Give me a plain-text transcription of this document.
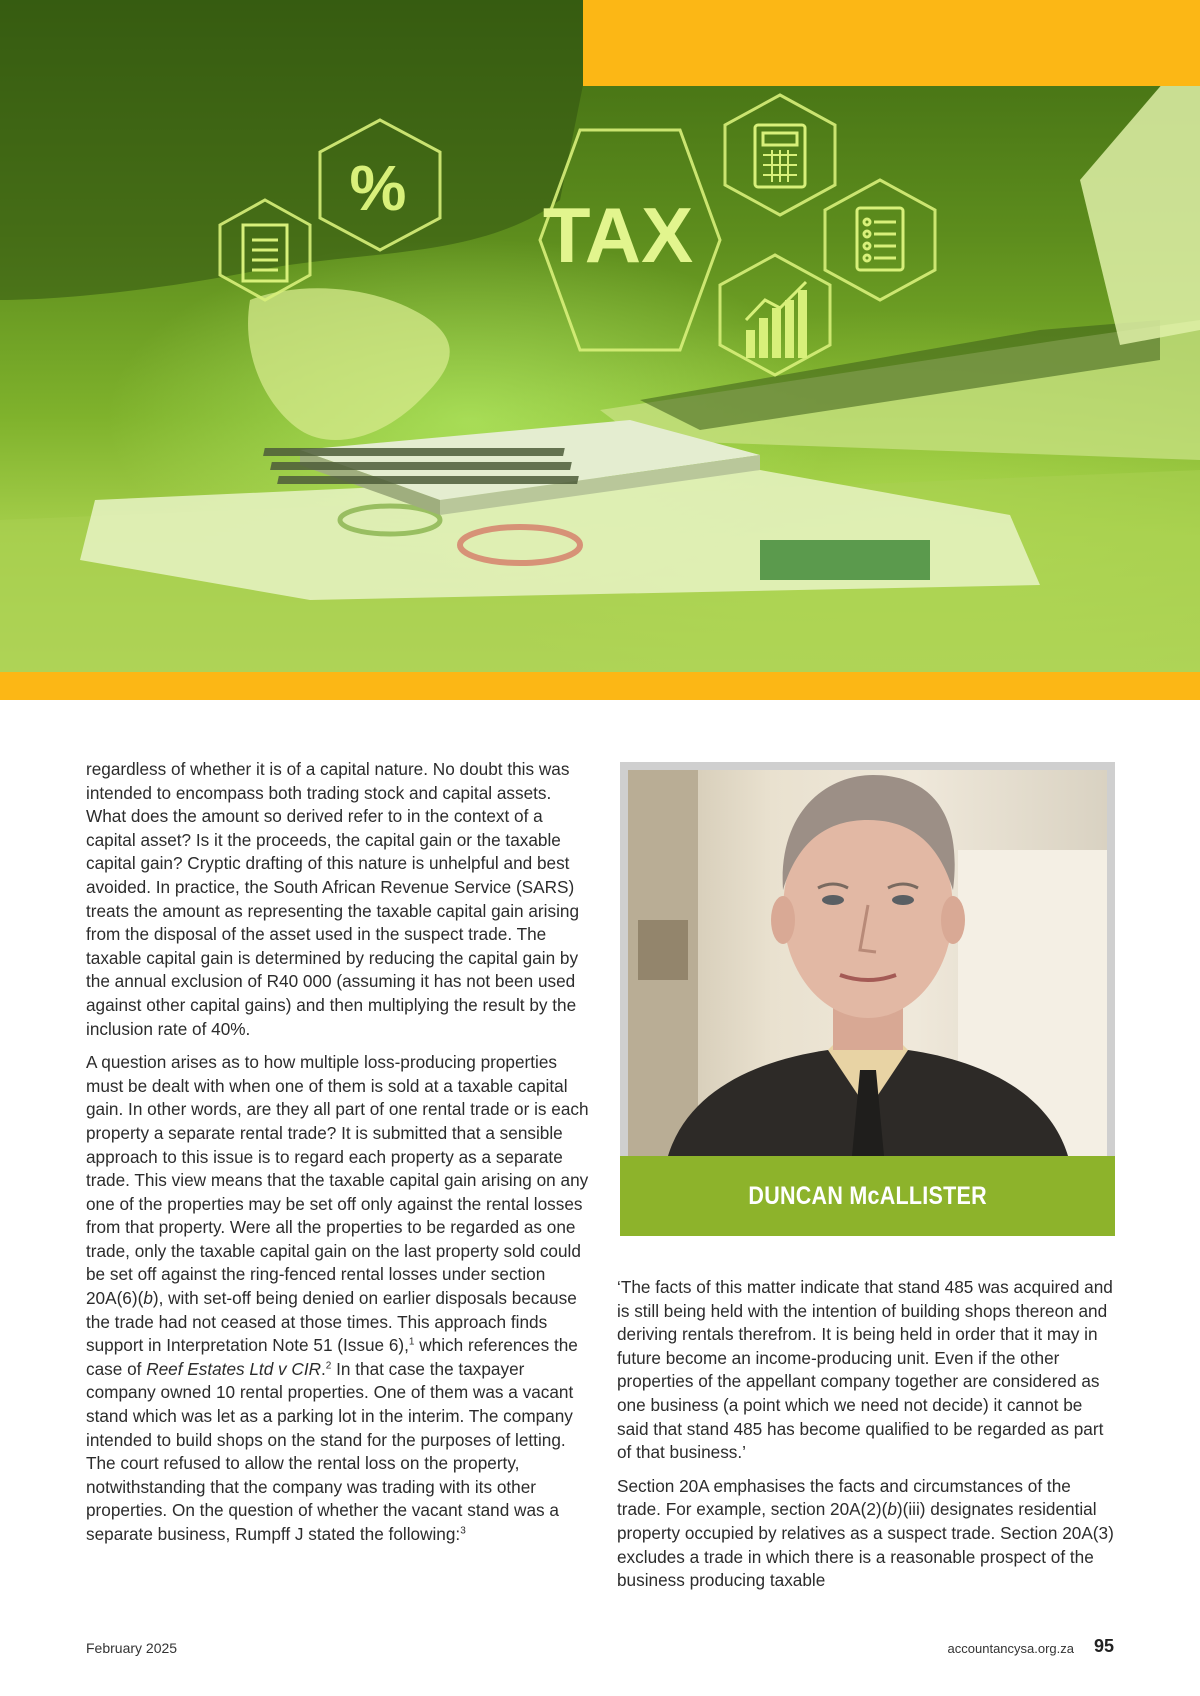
%
TAX

regardless of whether it is of a capital nature. No doubt this was intended to encompass both trading stock and capital assets. What does the amount so derived refer to in the context of a capital asset? Is it the proceeds, the capital gain or the taxable capital gain? Cryptic drafting of this nature is unhelpful and best avoided. In practice, the South African Revenue Service (SARS) treats the amount as representing the taxable capital gain arising from the disposal of the asset used in the suspect trade. The taxable capital gain is determined by reducing the capital gain by the annual exclusion of R40 000 (assuming it has not been used against other capital gains) and then multiplying the result by the inclusion rate of 40%.

A question arises as to how multiple loss-producing properties must be dealt with when one of them is sold at a taxable capital gain. In other words, are they all part of one rental trade or is each property a separate rental trade? It is submitted that a sensible approach to this issue is to regard each property as a separate trade. This view means that the taxable capital gain arising on any one of the properties may be set off only against the rental losses from that property. Were all the properties to be regarded as one trade, only the taxable capital gain on the last property sold could be set off against the ring-fenced rental losses under section 20A(6)(b), with set-off being denied on earlier disposals because the trade had not ceased at those times. This approach finds support in Interpretation Note 51 (Issue 6),$^1$ which references the case of Reef Estates Ltd v CIR.$^2$ In that case the taxpayer company owned 10 rental properties. One of them was a vacant stand which was let as a parking lot in the interim. The company intended to build shops on the stand for the purposes of letting. The court refused to allow the rental loss on the property, notwithstanding that the company was trading with its other properties. On the question of whether the vacant stand was a separate business, Rumpff J stated the following:$^3$

DUNCAN McALLISTER

‘The facts of this matter indicate that stand 485 was acquired and is still being held with the intention of building shops thereon and deriving rentals therefrom. It is being held in order that it may in future become an income-producing unit. Even if the other properties of the appellant company together are considered as one business (a point which we need not decide) it cannot be said that stand 485 has become qualified to be regarded as part of that business.’

Section 20A emphasises the facts and circumstances of the trade. For example, section 20A(2)(b)(iii) designates residential property occupied by relatives as a suspect trade. Section 20A(3) excludes a trade in which there is a reasonable prospect of the business producing taxable

February 2025	accountancysa.org.za 95
